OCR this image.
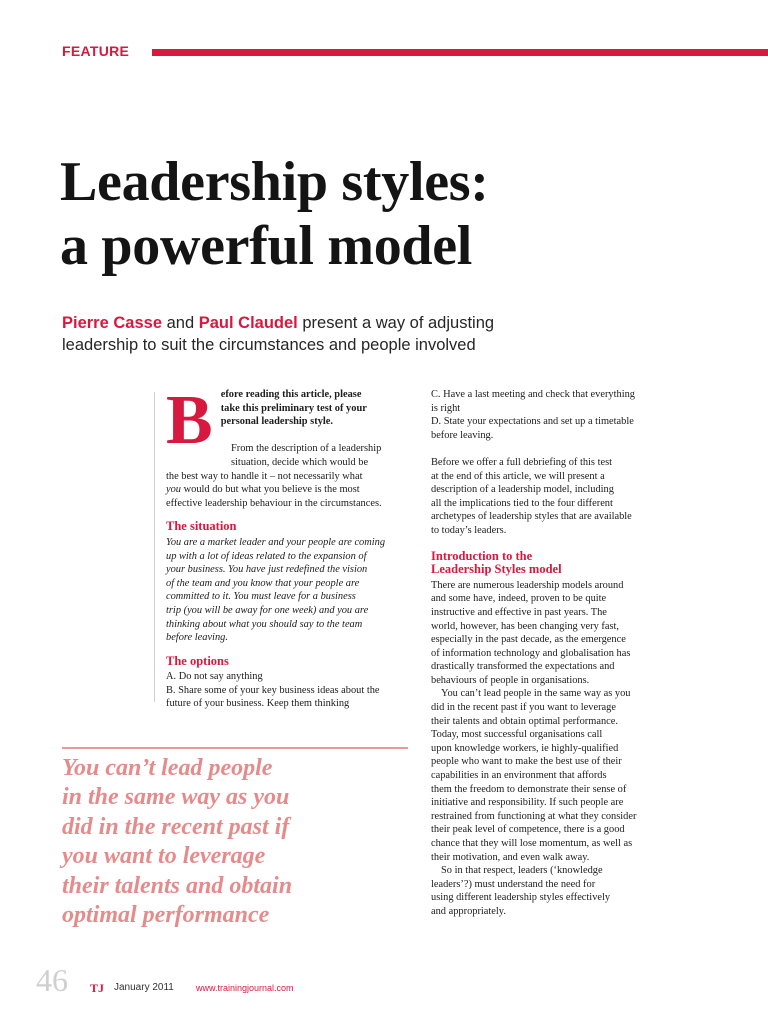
FEATURE
Leadership styles:
a powerful model
Pierre Casse and Paul Claudel present a way of adjusting
leadership to suit the circumstances and people involved
B efore reading this article, please
take this preliminary test of your
personal leadership style.

From the description of a leadership
situation, decide which would be

the best way to handle it – not necessarily what
you would do but what you believe is the most
effective leadership behaviour in the circumstances.

The situation

You are a market leader and your people are coming
up with a lot of ideas related to the expansion of
your business. You have just redefined the vision
of the team and you know that your people are
committed to it. You must leave for a business
trip (you will be away for one week) and you are
thinking about what you should say to the team
before leaving.

The options

A. Do not say anything
B. Share some of your key business ideas about the
future of your business. Keep them thinking

C. Have a last meeting and check that everything
is right
D. State your expectations and set up a timetable
before leaving.

Before we offer a full debriefing of this test
at the end of this article, we will present a
description of a leadership model, including
all the implications tied to the four different
archetypes of leadership styles that are available
to today’s leaders.

Introduction to the
Leadership Styles model

There are numerous leadership models around
and some have, indeed, proven to be quite
instructive and effective in past years. The
world, however, has been changing very fast,
especially in the past decade, as the emergence
of information technology and globalisation has
drastically transformed the expectations and
behaviours of people in organisations.

You can’t lead people in the same way as you
did in the recent past if you want to leverage
their talents and obtain optimal performance.
Today, most successful organisations call
upon knowledge workers, ie highly-qualified
people who want to make the best use of their
capabilities in an environment that affords
them the freedom to demonstrate their sense of
initiative and responsibility. If such people are
restrained from functioning at what they consider
their peak level of competence, there is a good
chance that they will lose momentum, as well as
their motivation, and even walk away.

So in that respect, leaders (‘knowledge
leaders’?) must understand the need for
using different leadership styles effectively
and appropriately.

You can’t lead people
in the same way as you
did in the recent past if
you want to leverage
their talents and obtain
optimal performance
46 TJ January 2011 www.trainingjournal.com
